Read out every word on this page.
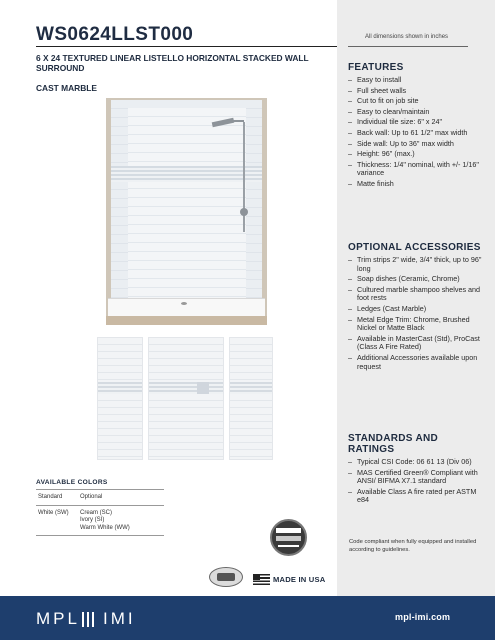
WS0624LLST000	All dimensions shown in inches
6 X 24 TEXTURED LINEAR LISTELLO HORIZONTAL STACKED WALL SURROUND
CAST MARBLE
AVAILABLE COLORS
Standard	Optional
White (SW)	Cream (SC)
Ivory (SI)
Warm White (WW)
FEATURES
– Easy to install
– Full sheet walls
– Cut to fit on job site
– Easy to clean/maintain
– Individual tile size: 6" x 24"
– Back wall: Up to 61 1/2" max width
– Side wall: Up to 36" max width
– Height: 96" (max.)
– Thickness: 1/4" nominal, with +/- 1/16" variance
– Matte finish
OPTIONAL ACCESSORIES
– Trim strips 2" wide, 3/4" thick, up to 96" long
– Soap dishes (Ceramic, Chrome)
– Cultured marble shampoo shelves and foot rests
– Ledges (Cast Marble)
– Metal Edge Trim: Chrome, Brushed Nickel or Matte Black
– Available in MasterCast (Std), ProCast (Class A Fire Rated)
– Additional Accessories available upon request
STANDARDS AND RATINGS
– Typical CSI Code: 06 61 13 (Div 06)
– MAS Certified Green® Compliant with ANSI/ BIFMA X7.1 standard
– Available Class A fire rated per ASTM e84
Code compliant when fully equipped and installed according to guidelines.
MADE IN USA
MPL IMI	mpl-imi.com
